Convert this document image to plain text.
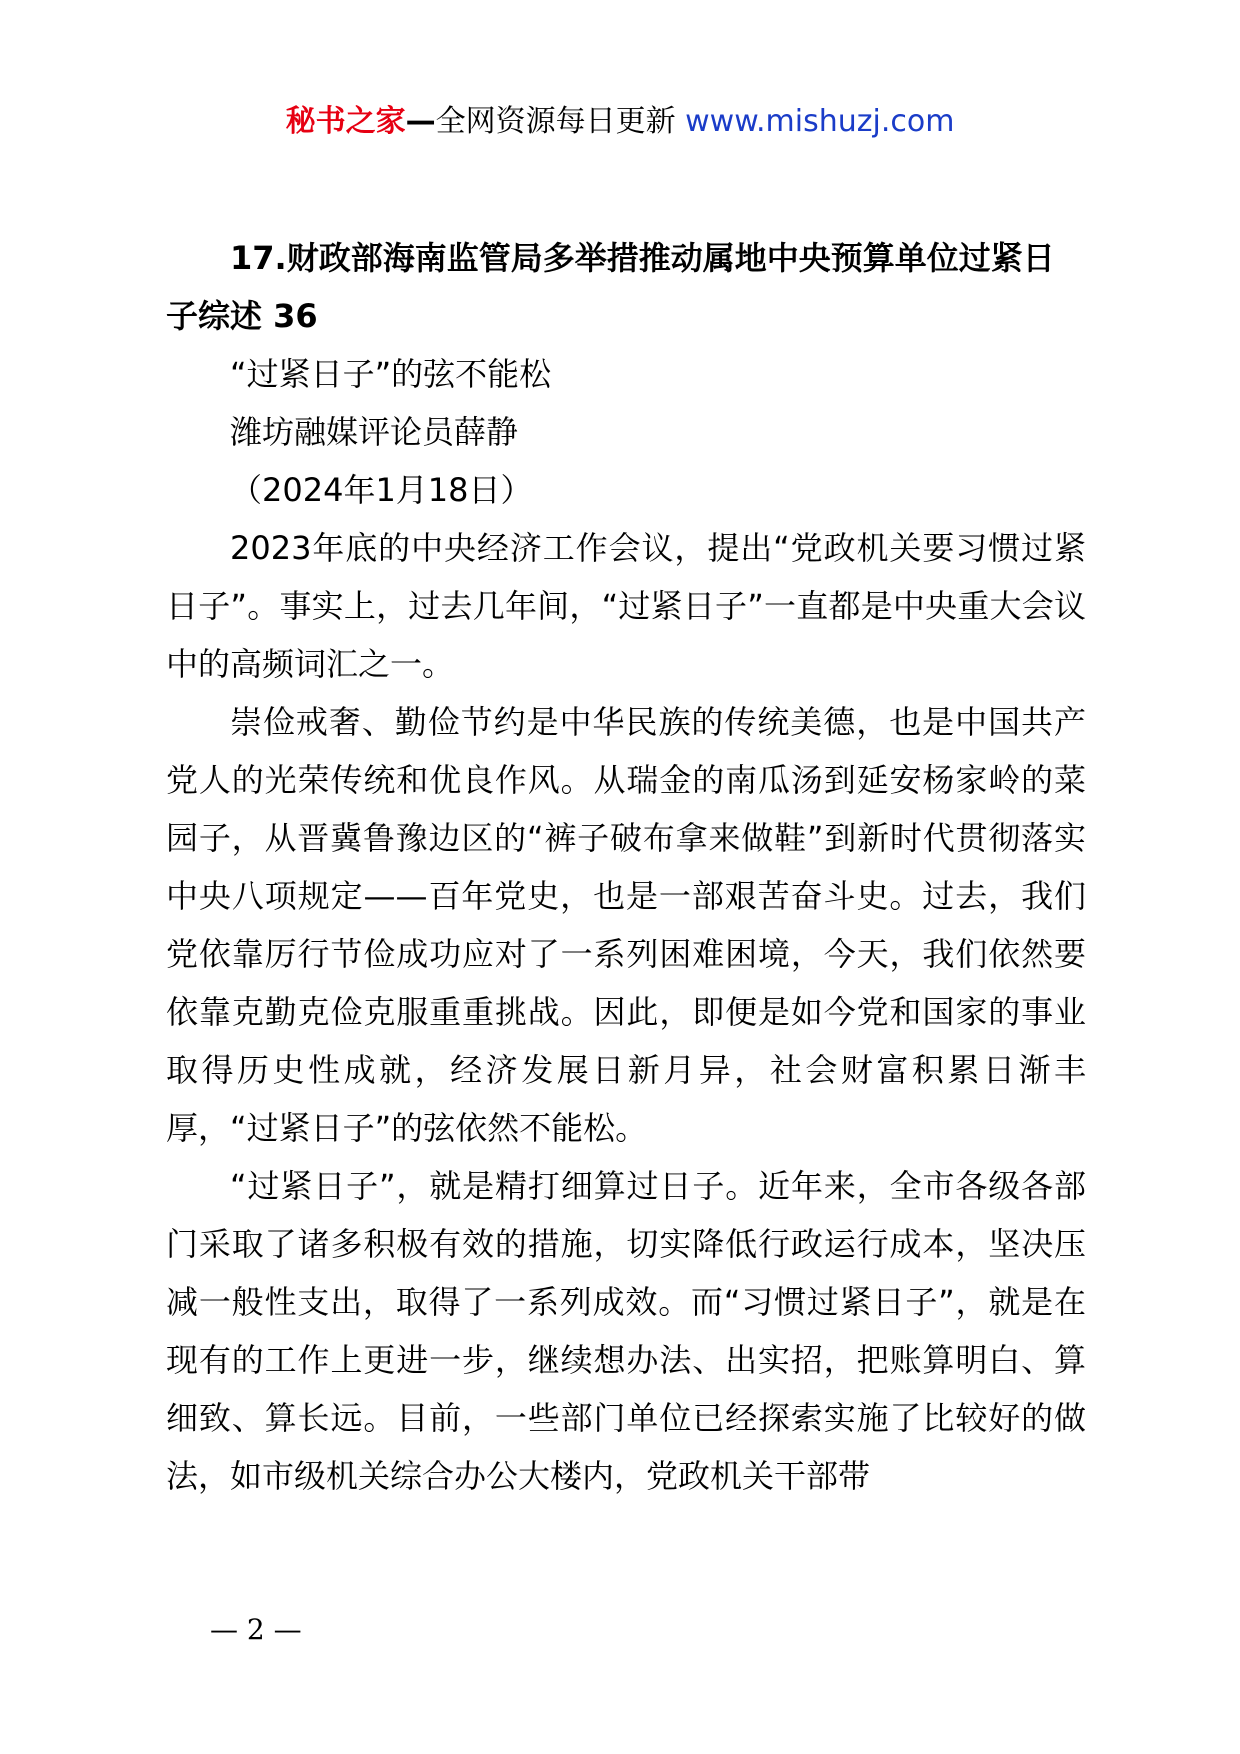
秘书之家—全网资源每日更新 www.mishuzj.com

17.财政部海南监管局多举措推动属地中央预算单位过紧日子综述 36

“过紧日子”的弦不能松

潍坊融媒评论员薛静

（2024年1月18日）

2023年底的中央经济工作会议，提出“党政机关要习惯过紧日子”。事实上，过去几年间，“过紧日子”一直都是中央重大会议中的高频词汇之一。

崇俭戒奢、勤俭节约是中华民族的传统美德，也是中国共产党人的光荣传统和优良作风。从瑞金的南瓜汤到延安杨家岭的菜园子，从晋冀鲁豫边区的“裤子破布拿来做鞋”到新时代贯彻落实中央八项规定——百年党史，也是一部艰苦奋斗史。过去，我们党依靠厉行节俭成功应对了一系列困难困境，今天，我们依然要依靠克勤克俭克服重重挑战。因此，即便是如今党和国家的事业取得历史性成就，经济发展日新月异，社会财富积累日渐丰厚，“过紧日子”的弦依然不能松。

“过紧日子”，就是精打细算过日子。近年来，全市各级各部门采取了诸多积极有效的措施，切实降低行政运行成本，坚决压减一般性支出，取得了一系列成效。而“习惯过紧日子”，就是在现有的工作上更进一步，继续想办法、出实招，把账算明白、算细致、算长远。目前，一些部门单位已经探索实施了比较好的做法，如市级机关综合办公大楼内，党政机关干部带

— 2 —
